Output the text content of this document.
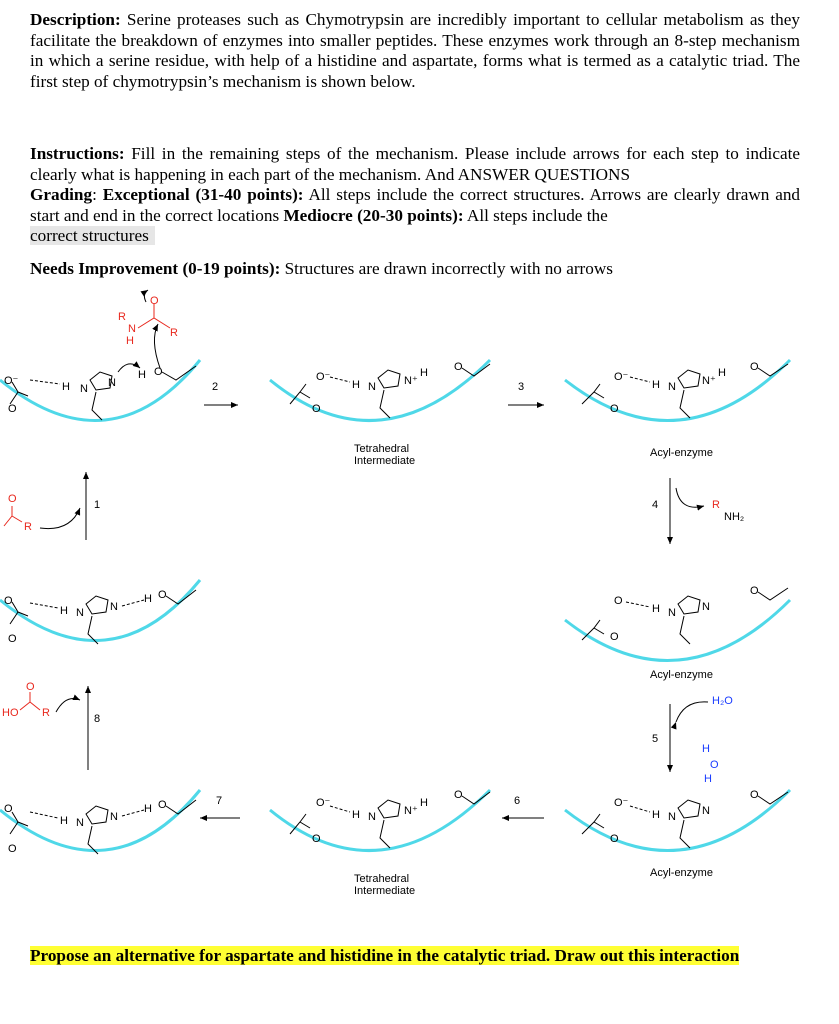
Description: Serine proteases such as Chymotrypsin are incredibly important to cellular metabolism as they facilitate the breakdown of enzymes into smaller peptides. These enzymes work through an 8-step mechanism in which a serine residue, with help of a histidine and aspartate, forms what is termed as a catalytic triad. The first step of chymotrypsin’s mechanism is shown below.
Instructions: Fill in the remaining steps of the mechanism. Please include arrows for each step to indicate clearly what is happening in each part of the mechanism. And ANSWER QUESTIONS
Grading: Exceptional (31-40 points): All steps include the correct structures. Arrows are clearly drawn and start and end in the correct locations Mediocre (20-30 points): All steps include the
correct structures
Needs Improvement (0-19 points): Structures are drawn incorrectly with no arrows
O⁻
O
H N N
H O
R
N
H
O
R
2
O⁻
O
H N	N⁺
H O
Tetrahedral
Intermediate
3
O⁻
O
H N N⁺
H O
Acyl-enzyme
1
O
R
4	R
NH₂
O
O
H N N
H O	O
O
H N N
O
Acyl-enzyme
8
HO
O
R
5
H₂O
H
O
H
O
O
H N N
H O	7	O⁻
O
H N	N⁺
H
O
Tetrahedral
Intermediate
6	O⁻
O
H N N
O
Acyl-enzyme
Propose an alternative for aspartate and histidine in the catalytic triad. Draw out this interaction
